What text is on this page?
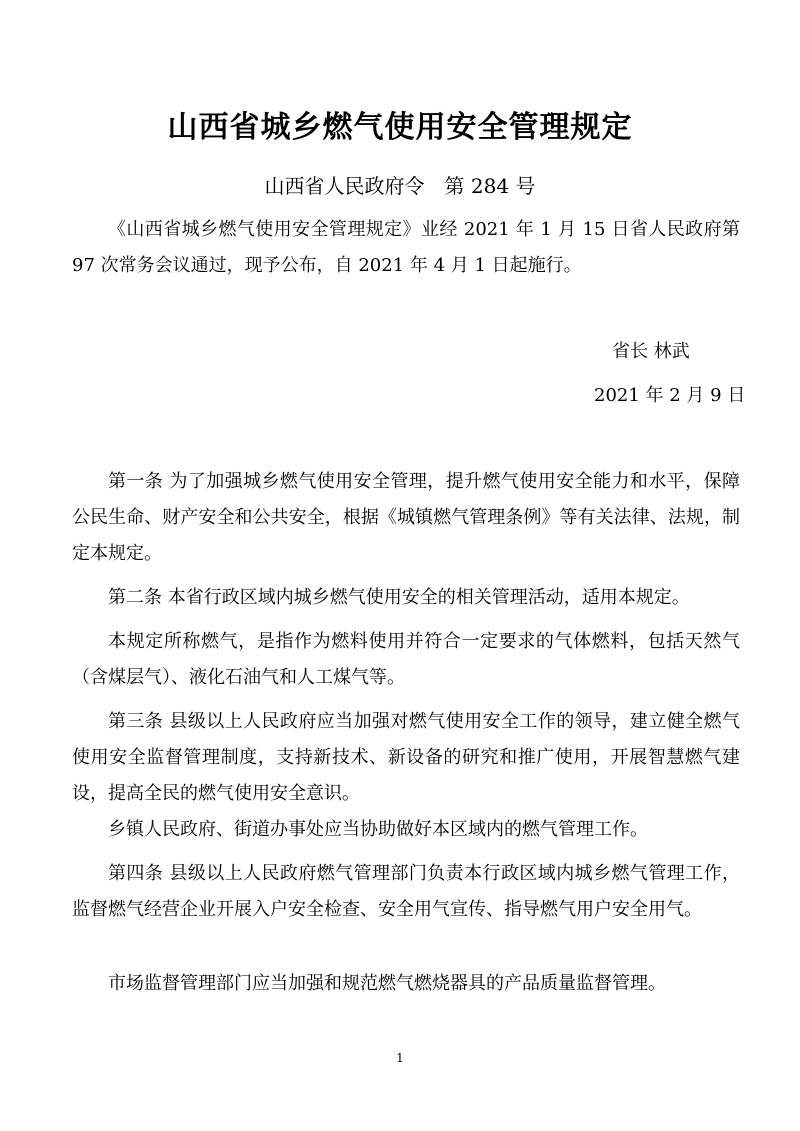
山西省城乡燃气使用安全管理规定
山西省人民政府令　第 284 号
《山西省城乡燃气使用安全管理规定》业经 2021 年 1 月 15 日省人民政府第 97 次常务会议通过，现予公布，自 2021 年 4 月 1 日起施行。
省长 林武
2021 年 2 月 9 日
第一条 为了加强城乡燃气使用安全管理，提升燃气使用安全能力和水平，保障公民生命、财产安全和公共安全，根据《城镇燃气管理条例》等有关法律、法规，制定本规定。
第二条 本省行政区域内城乡燃气使用安全的相关管理活动，适用本规定。
本规定所称燃气，是指作为燃料使用并符合一定要求的气体燃料，包括天然气（含煤层气）、液化石油气和人工煤气等。
第三条 县级以上人民政府应当加强对燃气使用安全工作的领导，建立健全燃气使用安全监督管理制度，支持新技术、新设备的研究和推广使用，开展智慧燃气建设，提高全民的燃气使用安全意识。
乡镇人民政府、街道办事处应当协助做好本区域内的燃气管理工作。
第四条 县级以上人民政府燃气管理部门负责本行政区域内城乡燃气管理工作，监督燃气经营企业开展入户安全检查、安全用气宣传、指导燃气用户安全用气。
市场监督管理部门应当加强和规范燃气燃烧器具的产品质量监督管理。
1
